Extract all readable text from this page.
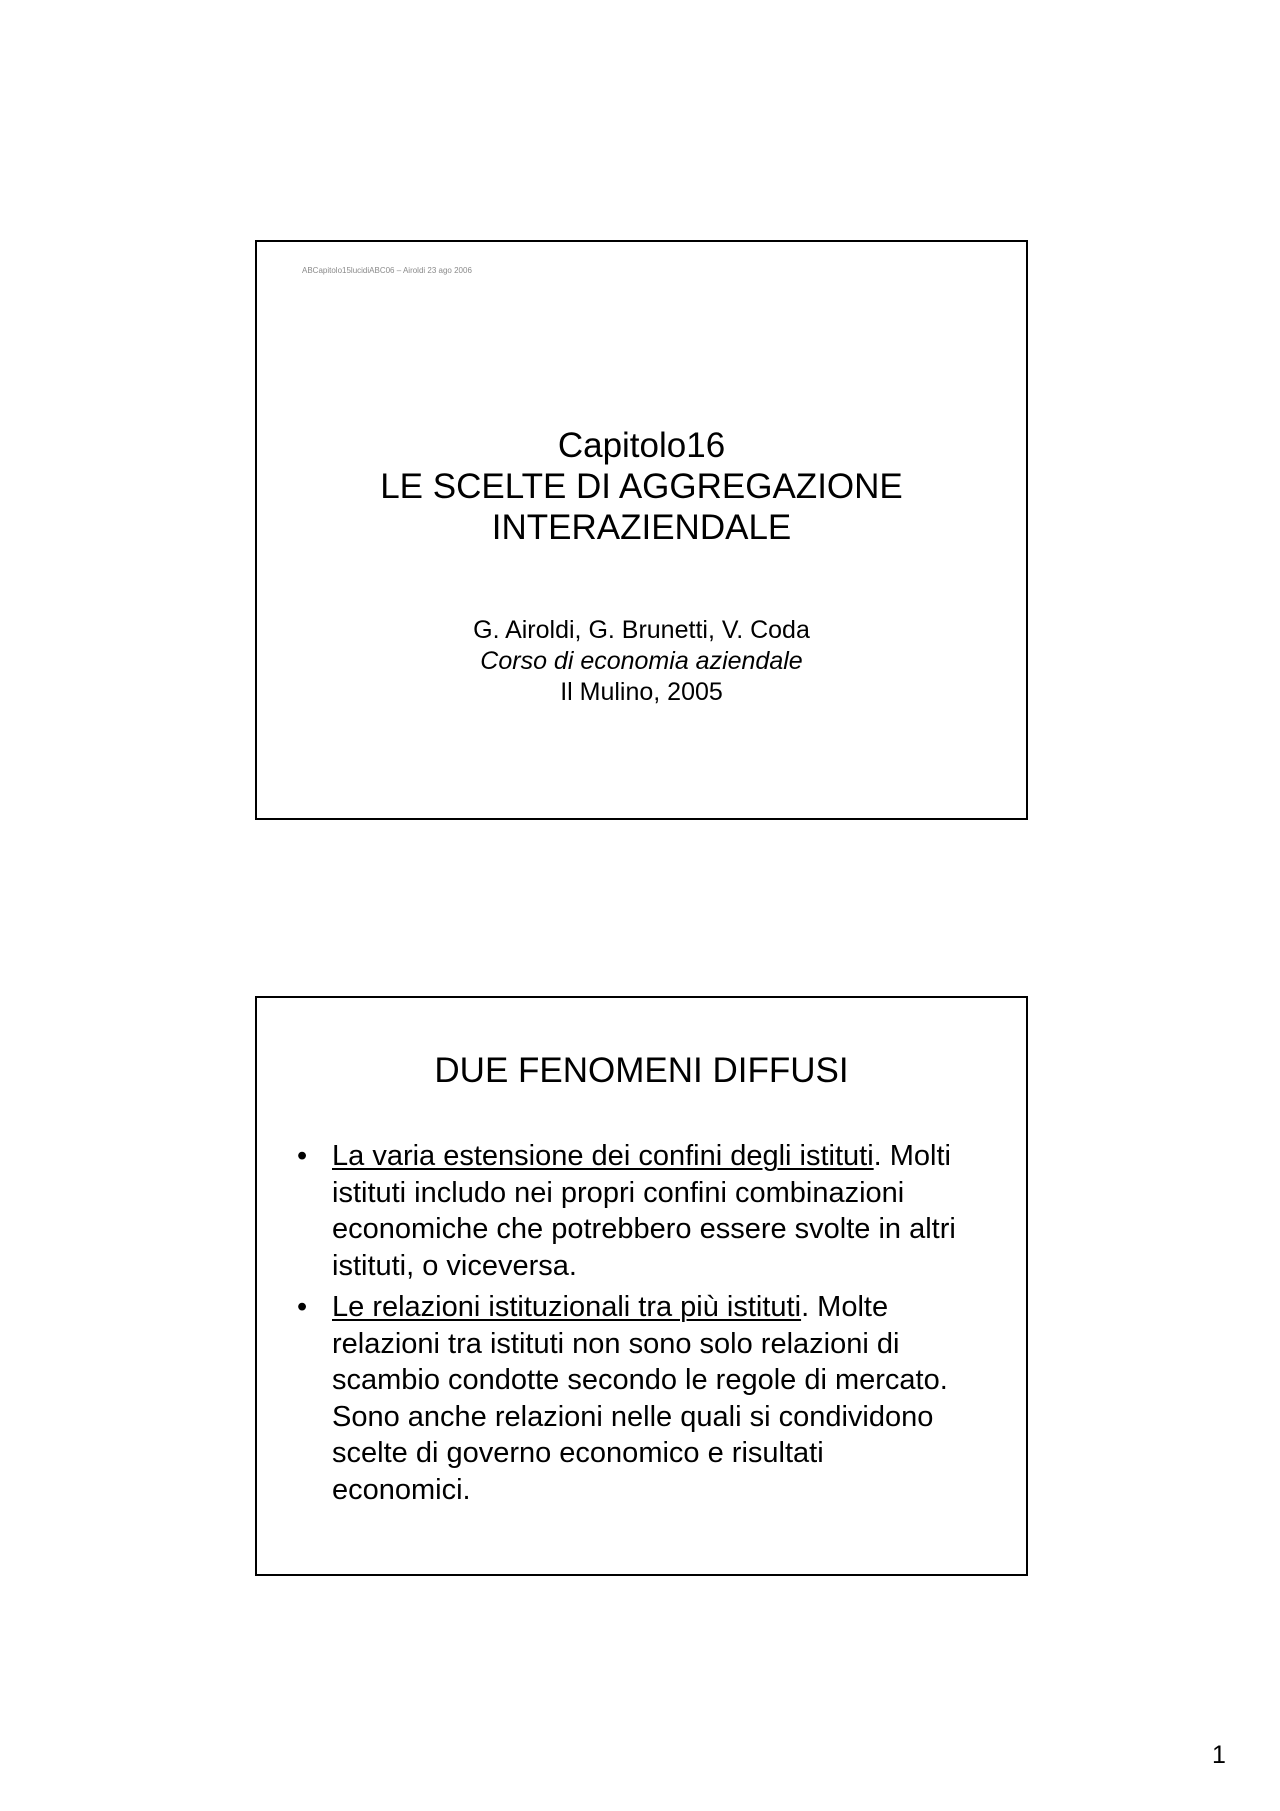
ABCapitolo15lucidiABC06 – Airoldi 23 ago 2006
Capitolo16
LE SCELTE DI AGGREGAZIONE
INTERAZIENDALE
G. Airoldi, G. Brunetti, V. Coda
Corso di economia aziendale
Il Mulino, 2005
DUE FENOMENI DIFFUSI
• La varia estensione dei confini degli istituti. Molti
istituti includo nei propri confini combinazioni
economiche che potrebbero essere svolte in altri
istituti, o viceversa.
• Le relazioni istituzionali tra più istituti. Molte
relazioni tra istituti non sono solo relazioni di
scambio condotte secondo le regole di mercato.
Sono anche relazioni nelle quali si condividono
scelte di governo economico e risultati
economici.
1
